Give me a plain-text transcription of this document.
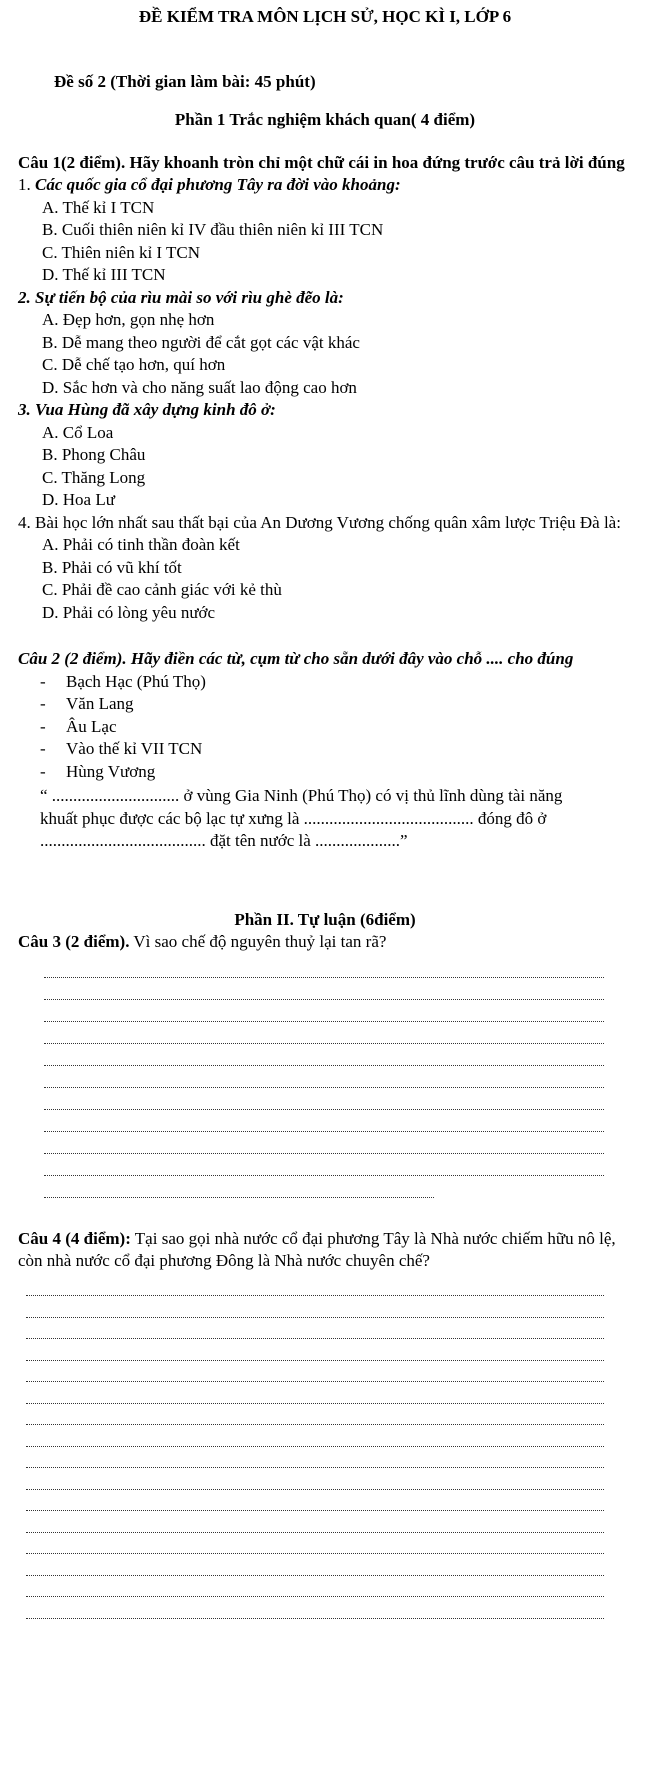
ĐỀ KIỂM TRA MÔN LỊCH SỬ, HỌC KÌ I, LỚP 6
Đề số 2 (Thời gian làm bài: 45 phút)
Phần 1 Trắc nghiệm khách quan( 4 điểm)
Câu 1(2 điểm). Hãy khoanh tròn chỉ một chữ cái in hoa đứng trước câu trả lời đúng
1. Các quốc gia cổ đại phương Tây ra đời vào khoảng:
A. Thế kỉ I TCN
B. Cuối thiên niên kỉ IV đầu thiên niên kỉ III TCN
C. Thiên niên kỉ I TCN
D. Thế kỉ III TCN
2. Sự tiến bộ của rìu mài so với rìu ghè đẽo là:
A. Đẹp hơn, gọn nhẹ hơn
B. Dễ mang theo người để cắt gọt các vật khác
C. Dễ chế tạo hơn, quí hơn
D. Sắc hơn và cho năng suất lao động cao hơn
3. Vua Hùng đã xây dựng kinh đô ở:
A. Cổ Loa
B. Phong Châu
C. Thăng Long
D. Hoa Lư
4. Bài học lớn nhất sau thất bại của An Dương Vương chống quân xâm lược Triệu Đà là:
A. Phải có tinh thần đoàn kết
B. Phải có vũ khí tốt
C. Phải đề cao cảnh giác với kẻ thù
D. Phải có lòng yêu nước
Câu 2 (2 điểm). Hãy điền các từ, cụm từ cho sẵn dưới đây vào chỗ .... cho đúng
-	Bạch Hạc (Phú Thọ)
-	Văn Lang
-	Âu Lạc
-	Vào thế kỉ VII TCN
-	Hùng Vương
“ .............................. ở vùng Gia Ninh (Phú Thọ) có vị thủ lĩnh dùng tài năng khuất phục được các bộ lạc tự xưng là ........................................ đóng đô ở ....................................... đặt tên nước là ....................”
Phần II. Tự luận (6điểm)
Câu 3 (2 điểm). Vì sao chế độ nguyên thuỷ lại tan rã?
Câu 4 (4 điểm): Tại sao gọi nhà nước cổ đại phương Tây là Nhà nước chiếm hữu nô lệ, còn nhà nước cổ đại phương Đông là Nhà nước chuyên chế?
